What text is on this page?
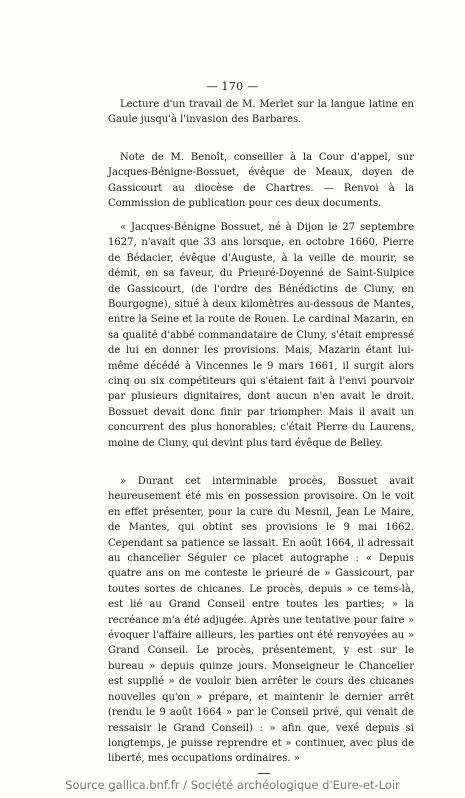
— 170 —

Lecture d'un travail de M. Merlet sur la langue latine en Gaule jusqu'à l'invasion des Barbares.

Note de M. Benoît, conseiller à la Cour d'appel, sur Jacques-Bénigne-Bossuet, évêque de Meaux, doyen de Gassicourt au diocèse de Chartres. — Renvoi à la Commission de publication pour ces deux documents.

« Jacques-Bénigne Bossuet, né à Dijon le 27 septembre 1627, n'avait que 33 ans lorsque, en octobre 1660, Pierre de Bédacier, évêque d'Auguste, à la veille de mourir, se démit, en sa faveur, du Prieuré-Doyenné de Saint-Sulpice de Gassicourt, (de l'ordre des Bénédictins de Cluny, en Bourgogne), situé à deux kilomètres au-dessous de Mantes, entre la Seine et la route de Rouen. Le cardinal Mazarin, en sa qualité d'abbé commandataire de Cluny, s'était empressé de lui en donner les provisions. Mais, Mazarin étant lui-même décédé à Vincennes le 9 mars 1661, il surgit alors cinq ou six compétiteurs qui s'étaient fait à l'envi pourvoir par plusieurs dignitaires, dont aucun n'en avait le droit. Bossuet devait donc finir par triompher. Mais il avait un concurrent des plus honorables; c'était Pierre du Laurens, moine de Cluny, qui devint plus tard évêque de Belley.

» Durant cet interminable procès, Bossuet avait heureusement été mis en possession provisoire. On le voit en effet présenter, pour la cure du Mesnil, Jean Le Maire, de Mantes, qui obtint ses provisions le 9 mai 1662. Cependant sa patience se lassait. En août 1664, il adressait au chancelier Séguier ce placet autographe : « Depuis quatre ans on me conteste le prieuré de » Gassicourt, par toutes sortes de chicanes. Le procès, depuis » ce tems-là, est lié au Grand Conseil entre toutes les parties; » la recréance m'a été adjugée. Après une tentative pour faire » évoquer l'affaire ailleurs, les parties ont été renvoyées au » Grand Conseil. Le procès, présentement, y est sur le bureau » depuis quinze jours. Monseigneur le Chancelier est supplié » de vouloir bien arrêter le cours des chicanes nouvelles qu'on » prépare, et maintenir le dernier arrêt (rendu le 9 août 1664 » par le Conseil privé, qui venait de ressaisir le Grand Conseil) : » afin que, vexé depuis si longtemps, je puisse reprendre et » continuer, avec plus de liberté, mes occupations ordinaires. »

Source gallica.bnf.fr / Société archéologique d'Eure-et-Loir
